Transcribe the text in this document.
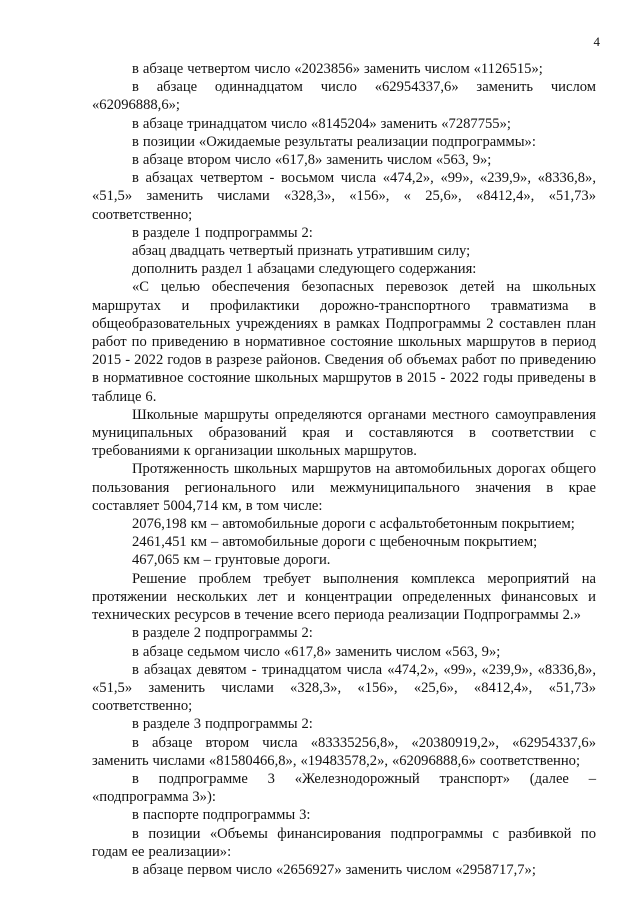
4

в абзаце четвертом число «2023856» заменить числом «1126515»;

в абзаце одиннадцатом число «62954337,6» заменить числом «62096888,6»;

в абзаце тринадцатом число «8145204» заменить «7287755»;

в позиции «Ожидаемые результаты реализации подпрограммы»:

в абзаце втором число «617,8» заменить числом «563, 9»;

в абзацах четвертом - восьмом числа «474,2», «99», «239,9», «8336,8», «51,5» заменить числами «328,3», «156», « 25,6», «8412,4», «51,73» соответственно;

в разделе 1 подпрограммы 2:

абзац двадцать четвертый признать утратившим силу;

дополнить раздел 1 абзацами следующего содержания:

«С целью обеспечения безопасных перевозок детей на школьных маршрутах и профилактики дорожно-транспортного травматизма в общеобразовательных учреждениях в рамках Подпрограммы 2 составлен план работ по приведению в нормативное состояние школьных маршрутов в период 2015 - 2022 годов в разрезе районов. Сведения об объемах работ по приведению в нормативное состояние школьных маршрутов в 2015 - 2022 годы приведены в таблице 6.

Школьные маршруты определяются органами местного самоуправления муниципальных образований края и составляются в соответствии с требованиями к организации школьных маршрутов.

Протяженность школьных маршрутов на автомобильных дорогах общего пользования регионального или межмуниципального значения в крае составляет 5004,714 км, в том числе:

2076,198 км – автомобильные дороги с асфальтобетонным покрытием;

2461,451 км – автомобильные дороги с щебеночным покрытием;

467,065 км – грунтовые дороги.

Решение проблем требует выполнения комплекса мероприятий на протяжении нескольких лет и концентрации определенных финансовых и технических ресурсов в течение всего периода реализации Подпрограммы 2.»

в разделе 2 подпрограммы 2:

в абзаце седьмом число «617,8» заменить числом «563, 9»;

в абзацах девятом - тринадцатом числа «474,2», «99», «239,9», «8336,8», «51,5» заменить числами «328,3», «156», «25,6», «8412,4», «51,73» соответственно;

в разделе 3 подпрограммы 2:

в абзаце втором числа «83335256,8», «20380919,2», «62954337,6» заменить числами «81580466,8», «19483578,2», «62096888,6» соответственно;

в подпрограмме 3 «Железнодорожный транспорт» (далее – «подпрограмма 3»):

в паспорте подпрограммы 3:

в позиции «Объемы финансирования подпрограммы с разбивкой по годам ее реализации»:

в абзаце первом число «2656927» заменить числом «2958717,7»;
